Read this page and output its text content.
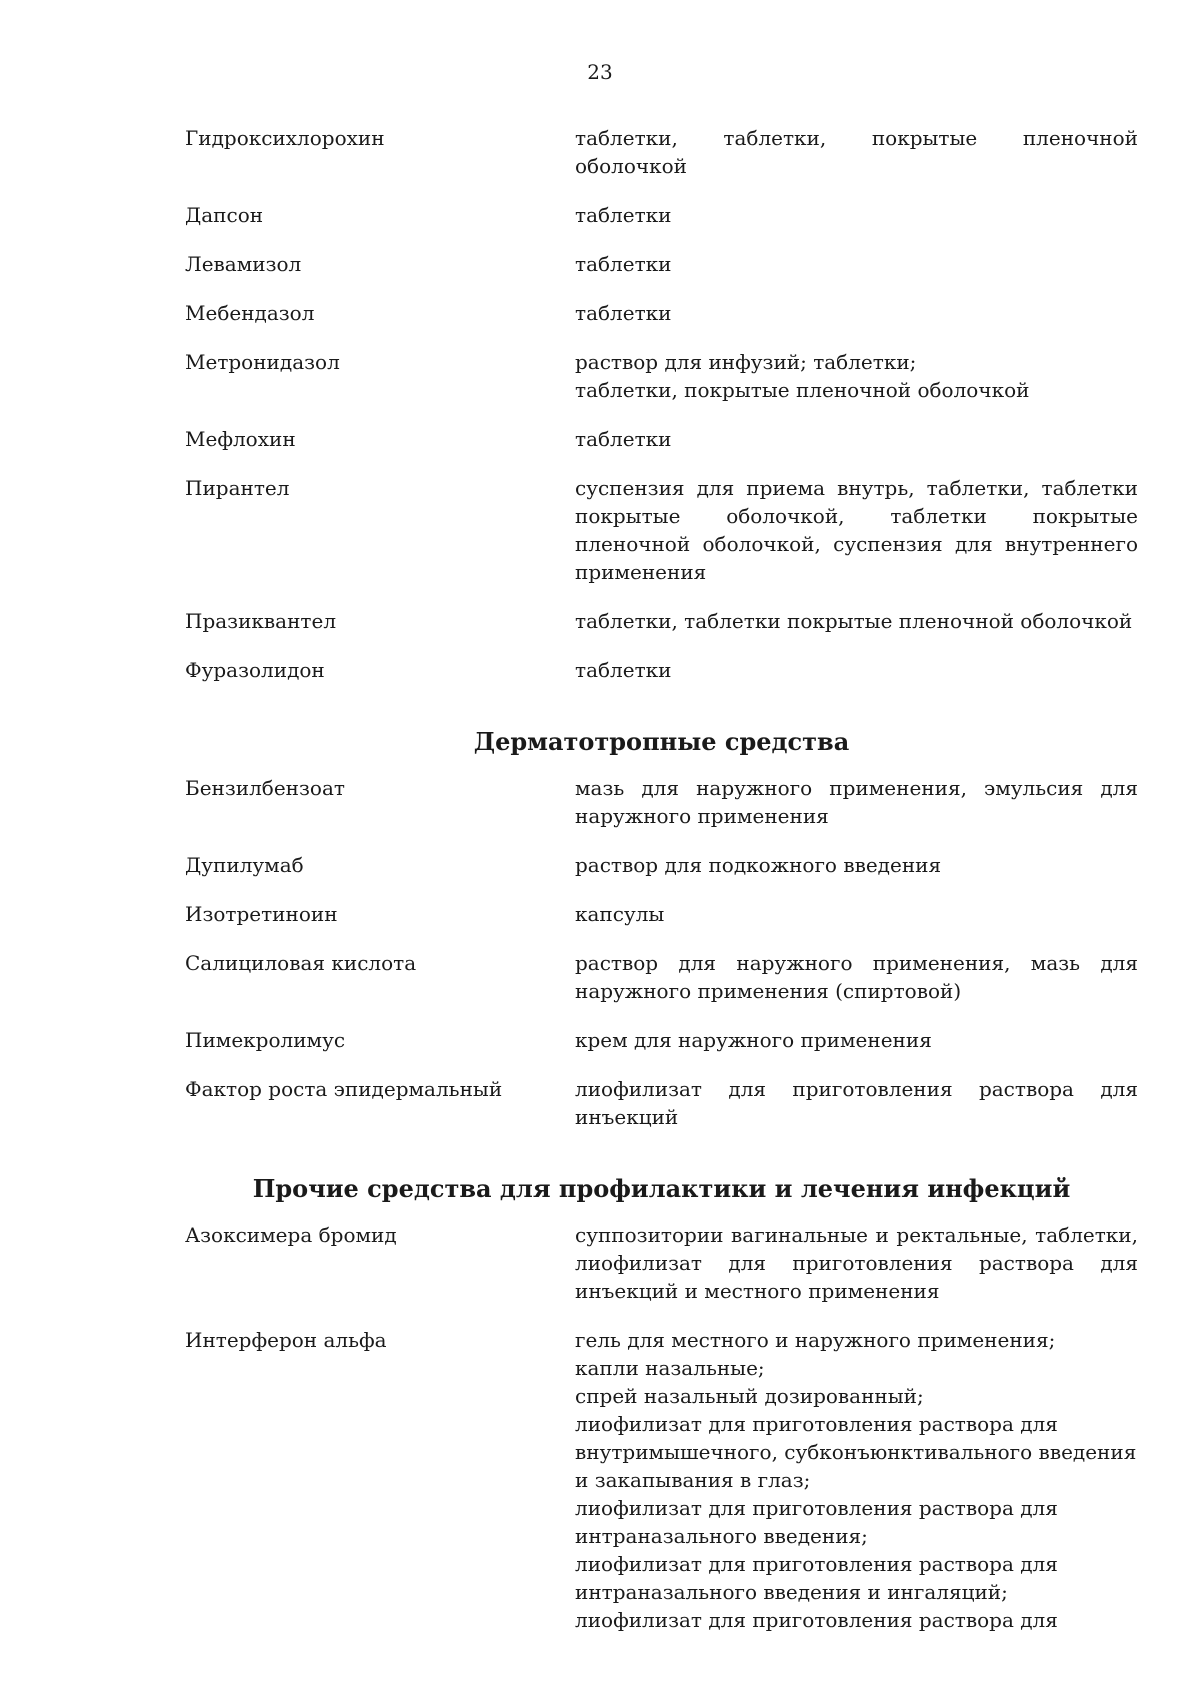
23
Гидроксихлорохин	таблетки, таблетки, покрытые пленочной оболочкой
Дапсон	таблетки
Левамизол	таблетки
Мебендазол	таблетки
Метронидазол	раствор для инфузий; таблетки;
таблетки, покрытые пленочной оболочкой
Мефлохин	таблетки
Пирантел	суспензия для приема внутрь, таблетки, таблетки покрытые оболочкой, таблетки покрытые пленочной оболочкой, суспензия для внутреннего применения
Празиквантел	таблетки, таблетки покрытые пленочной оболочкой
Фуразолидон	таблетки
Дерматотропные средства
Бензилбензоат	мазь для наружного применения, эмульсия для наружного применения
Дупилумаб	раствор для подкожного введения
Изотретиноин	капсулы
Салициловая кислота	раствор для наружного применения, мазь для наружного применения (спиртовой)
Пимекролимус	крем для наружного применения
Фактор роста эпидермальный	лиофилизат для приготовления раствора для инъекций
Прочие средства для профилактики и лечения инфекций
Азоксимера бромид	суппозитории вагинальные и ректальные, таблетки, лиофилизат для приготовления раствора для инъекций и местного применения
Интерферон альфа	гель для местного и наружного применения;
капли назальные;
спрей назальный дозированный;
лиофилизат для приготовления раствора для внутримышечного, субконъюнктивального введения и закапывания в глаз;
лиофилизат для приготовления раствора для интраназального введения;
лиофилизат для приготовления раствора для интраназального введения и ингаляций;
лиофилизат для приготовления раствора для
